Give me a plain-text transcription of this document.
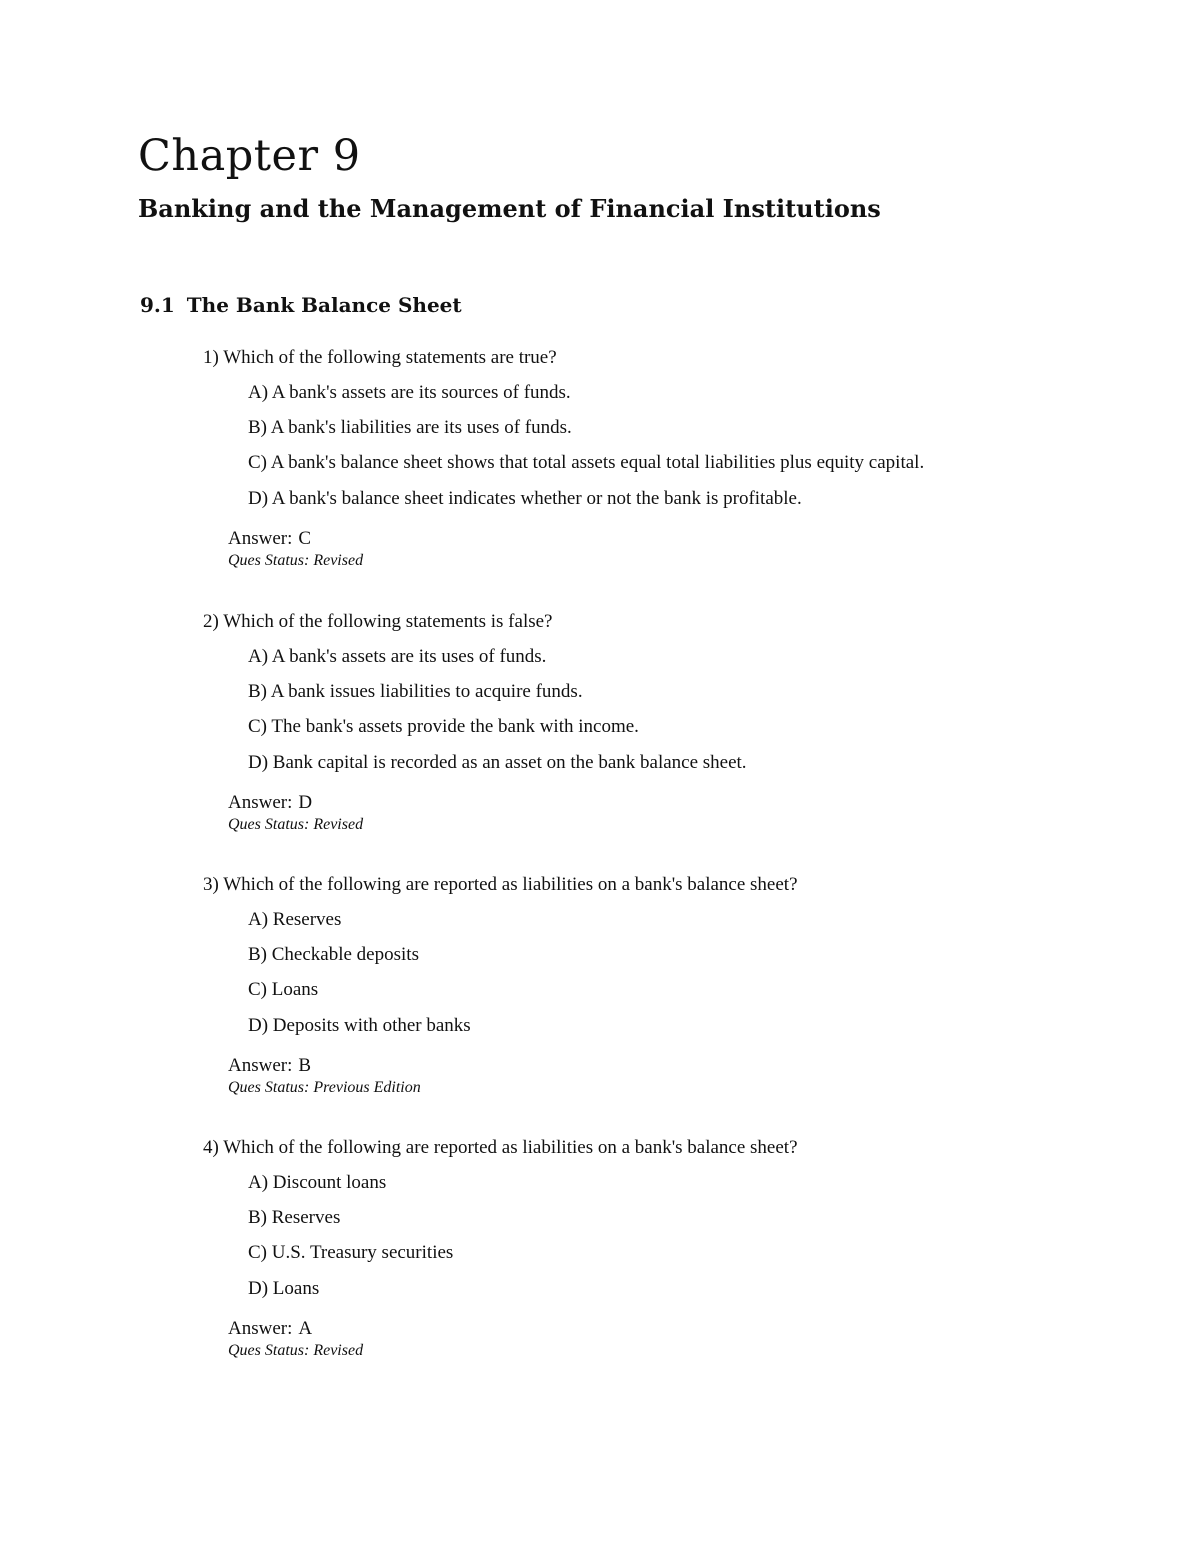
Chapter 9
Banking and the Management of Financial Institutions
9.1 The Bank Balance Sheet
1) Which of the following statements are true?
A) A bank's assets are its sources of funds.
B) A bank's liabilities are its uses of funds.
C) A bank's balance sheet shows that total assets equal total liabilities plus equity capital.
D) A bank's balance sheet indicates whether or not the bank is profitable.
Answer: C
Ques Status: Revised
2) Which of the following statements is false?
A) A bank's assets are its uses of funds.
B) A bank issues liabilities to acquire funds.
C) The bank's assets provide the bank with income.
D) Bank capital is recorded as an asset on the bank balance sheet.
Answer: D
Ques Status: Revised
3) Which of the following are reported as liabilities on a bank's balance sheet?
A) Reserves
B) Checkable deposits
C) Loans
D) Deposits with other banks
Answer: B
Ques Status: Previous Edition
4) Which of the following are reported as liabilities on a bank's balance sheet?
A) Discount loans
B) Reserves
C) U.S. Treasury securities
D) Loans
Answer: A
Ques Status: Revised
